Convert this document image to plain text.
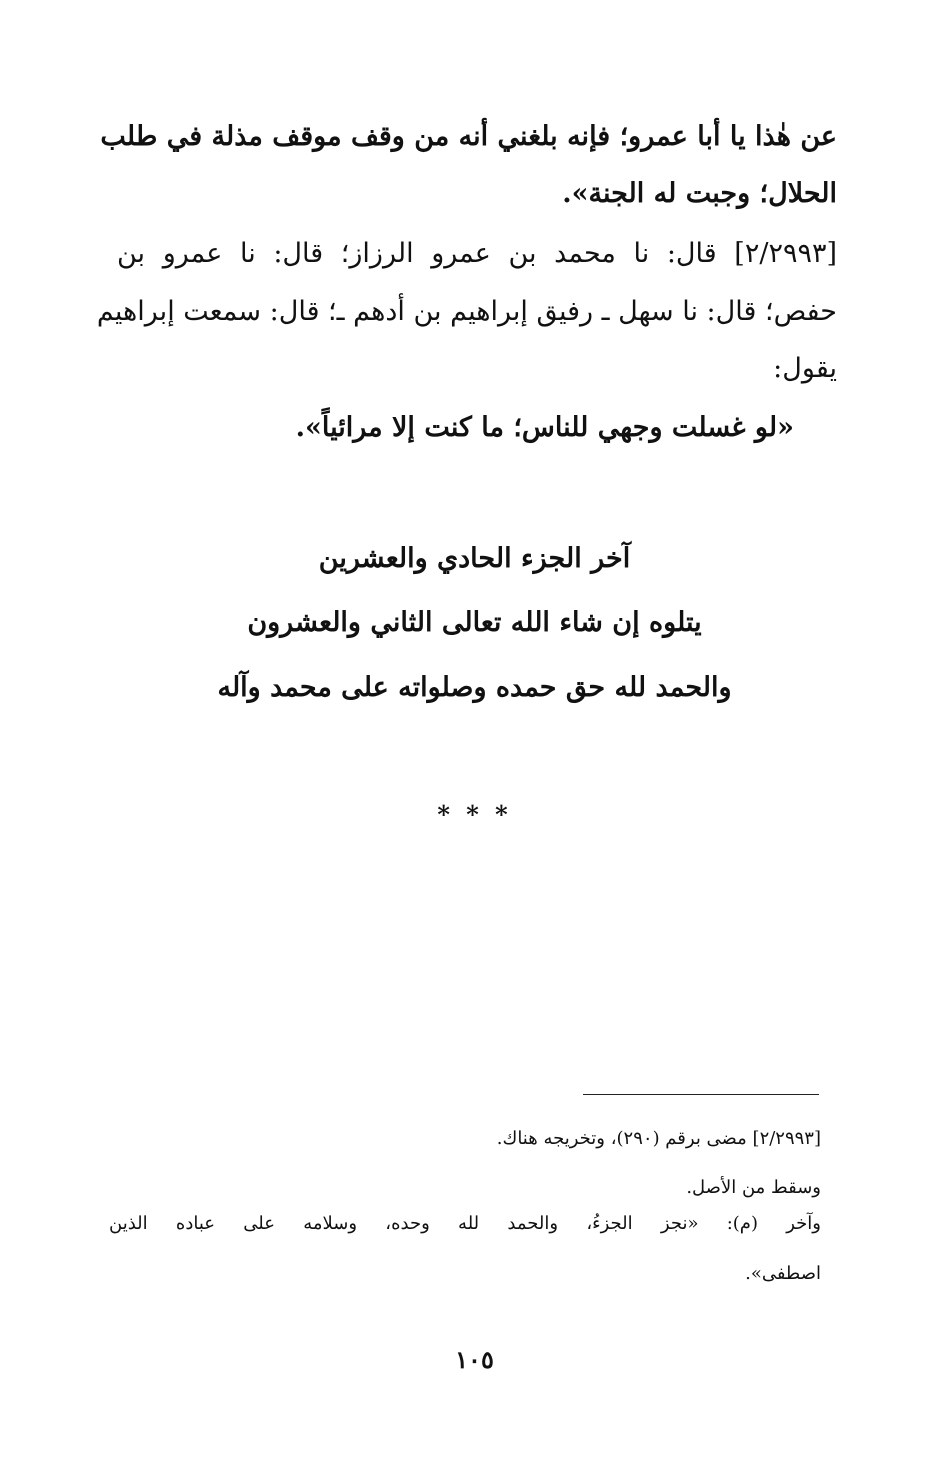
عن هٰذا يا أبا عمرو؛ فإنه بلغني أنه من وقف موقف مذلة في طلب
الحلال؛ وجبت له الجنة».
[٢/٢٩٩٣] قال: نا محمد بن عمرو الرزاز؛ قال: نا عمرو بن
حفص؛ قال: نا سهل ـ رفيق إبراهيم بن أدهم ـ؛ قال: سمعت إبراهيم
يقول:
«لو غسلت وجهي للناس؛ ما كنت إلا مرائياً».
آخر الجزء الحادي والعشرين
يتلوه إن شاء الله تعالى الثاني والعشرون
والحمد لله حق حمده وصلواته على محمد وآله
* * *
[٢/٢٩٩٣] مضى برقم (٢٩٠)، وتخريجه هناك.
وسقط من الأصل.
وآخر (م): «نجز الجزءُ، والحمد لله وحده، وسلامه على عباده الذين
اصطفى».
١٠٥
